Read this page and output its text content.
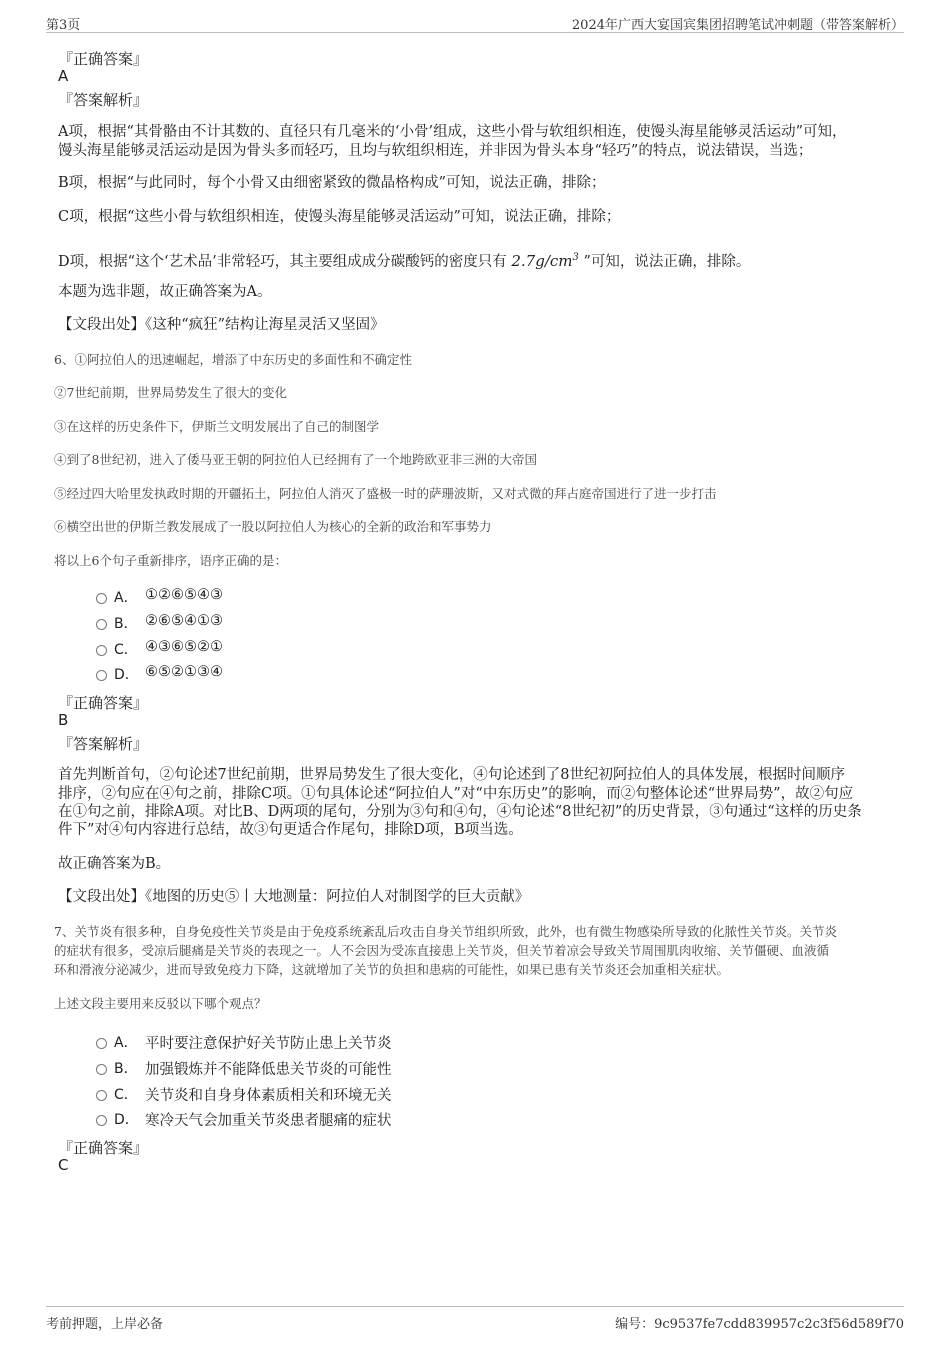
第3页	2024年广西大宴国宾集团招聘笔试冲刺题（带答案解析）
『正确答案』
A
『答案解析』
A项，根据“其骨骼由不计其数的、直径只有几毫米的‘小骨’组成，这些小骨与软组织相连，使馒头海星能够灵活运动”可知，
馒头海星能够灵活运动是因为骨头多而轻巧，且均与软组织相连，并非因为骨头本身“轻巧”的特点，说法错误，当选；
B项，根据“与此同时，每个小骨又由细密紧致的微晶格构成”可知，说法正确，排除；
C项，根据“这些小骨与软组织相连，使馒头海星能够灵活运动”可知，说法正确，排除；
D项，根据“这个‘艺术品’非常轻巧，其主要组成成分碳酸钙的密度只有 $2.7g/cm^3$ ”可知，说法正确，排除。
本题为选非题，故正确答案为A。
【文段出处】《这种“疯狂”结构让海星灵活又坚固》
6、①阿拉伯人的迅速崛起，增添了中东历史的多面性和不确定性
②7世纪前期，世界局势发生了很大的变化
③在这样的历史条件下，伊斯兰文明发展出了自己的制图学
④到了8世纪初，进入了倭马亚王朝的阿拉伯人已经拥有了一个地跨欧亚非三洲的大帝国
⑤经过四大哈里发执政时期的开疆拓土，阿拉伯人消灭了盛极一时的萨珊波斯，又对式微的拜占庭帝国进行了进一步打击
⑥横空出世的伊斯兰教发展成了一股以阿拉伯人为核心的全新的政治和军事势力
将以上6个句子重新排序，语序正确的是：
A． ①②⑥⑤④③
B． ②⑥⑤④①③
C． ④③⑥⑤②①
D． ⑥⑤②①③④
『正确答案』
B
『答案解析』
首先判断首句，②句论述7世纪前期，世界局势发生了很大变化，④句论述到了8世纪初阿拉伯人的具体发展，根据时间顺序
排序，②句应在④句之前，排除C项。①句具体论述“阿拉伯人”对“中东历史”的影响，而②句整体论述“世界局势”，故②句应
在①句之前，排除A项。对比B、D两项的尾句，分别为③句和④句，④句论述“8世纪初”的历史背景，③句通过“这样的历史条
件下”对④句内容进行总结，故③句更适合作尾句，排除D项，B项当选。
故正确答案为B。
【文段出处】《地图的历史⑤丨大地测量：阿拉伯人对制图学的巨大贡献》
7、关节炎有很多种，自身免疫性关节炎是由于免疫系统紊乱后攻击自身关节组织所致，此外，也有微生物感染所导致的化脓性关节炎。关节炎
的症状有很多，受凉后腿痛是关节炎的表现之一。人不会因为受冻直接患上关节炎，但关节着凉会导致关节周围肌肉收缩、关节僵硬、血液循
环和滑液分泌减少，进而导致免疫力下降，这就增加了关节的负担和患病的可能性，如果已患有关节炎还会加重相关症状。
上述文段主要用来反驳以下哪个观点？
A． 平时要注意保护好关节防止患上关节炎
B． 加强锻炼并不能降低患关节炎的可能性
C． 关节炎和自身身体素质相关和环境无关
D． 寒冷天气会加重关节炎患者腿痛的症状
『正确答案』
C
考前押题，上岸必备	编号：9c9537fe7cdd839957c2c3f56d589f70
